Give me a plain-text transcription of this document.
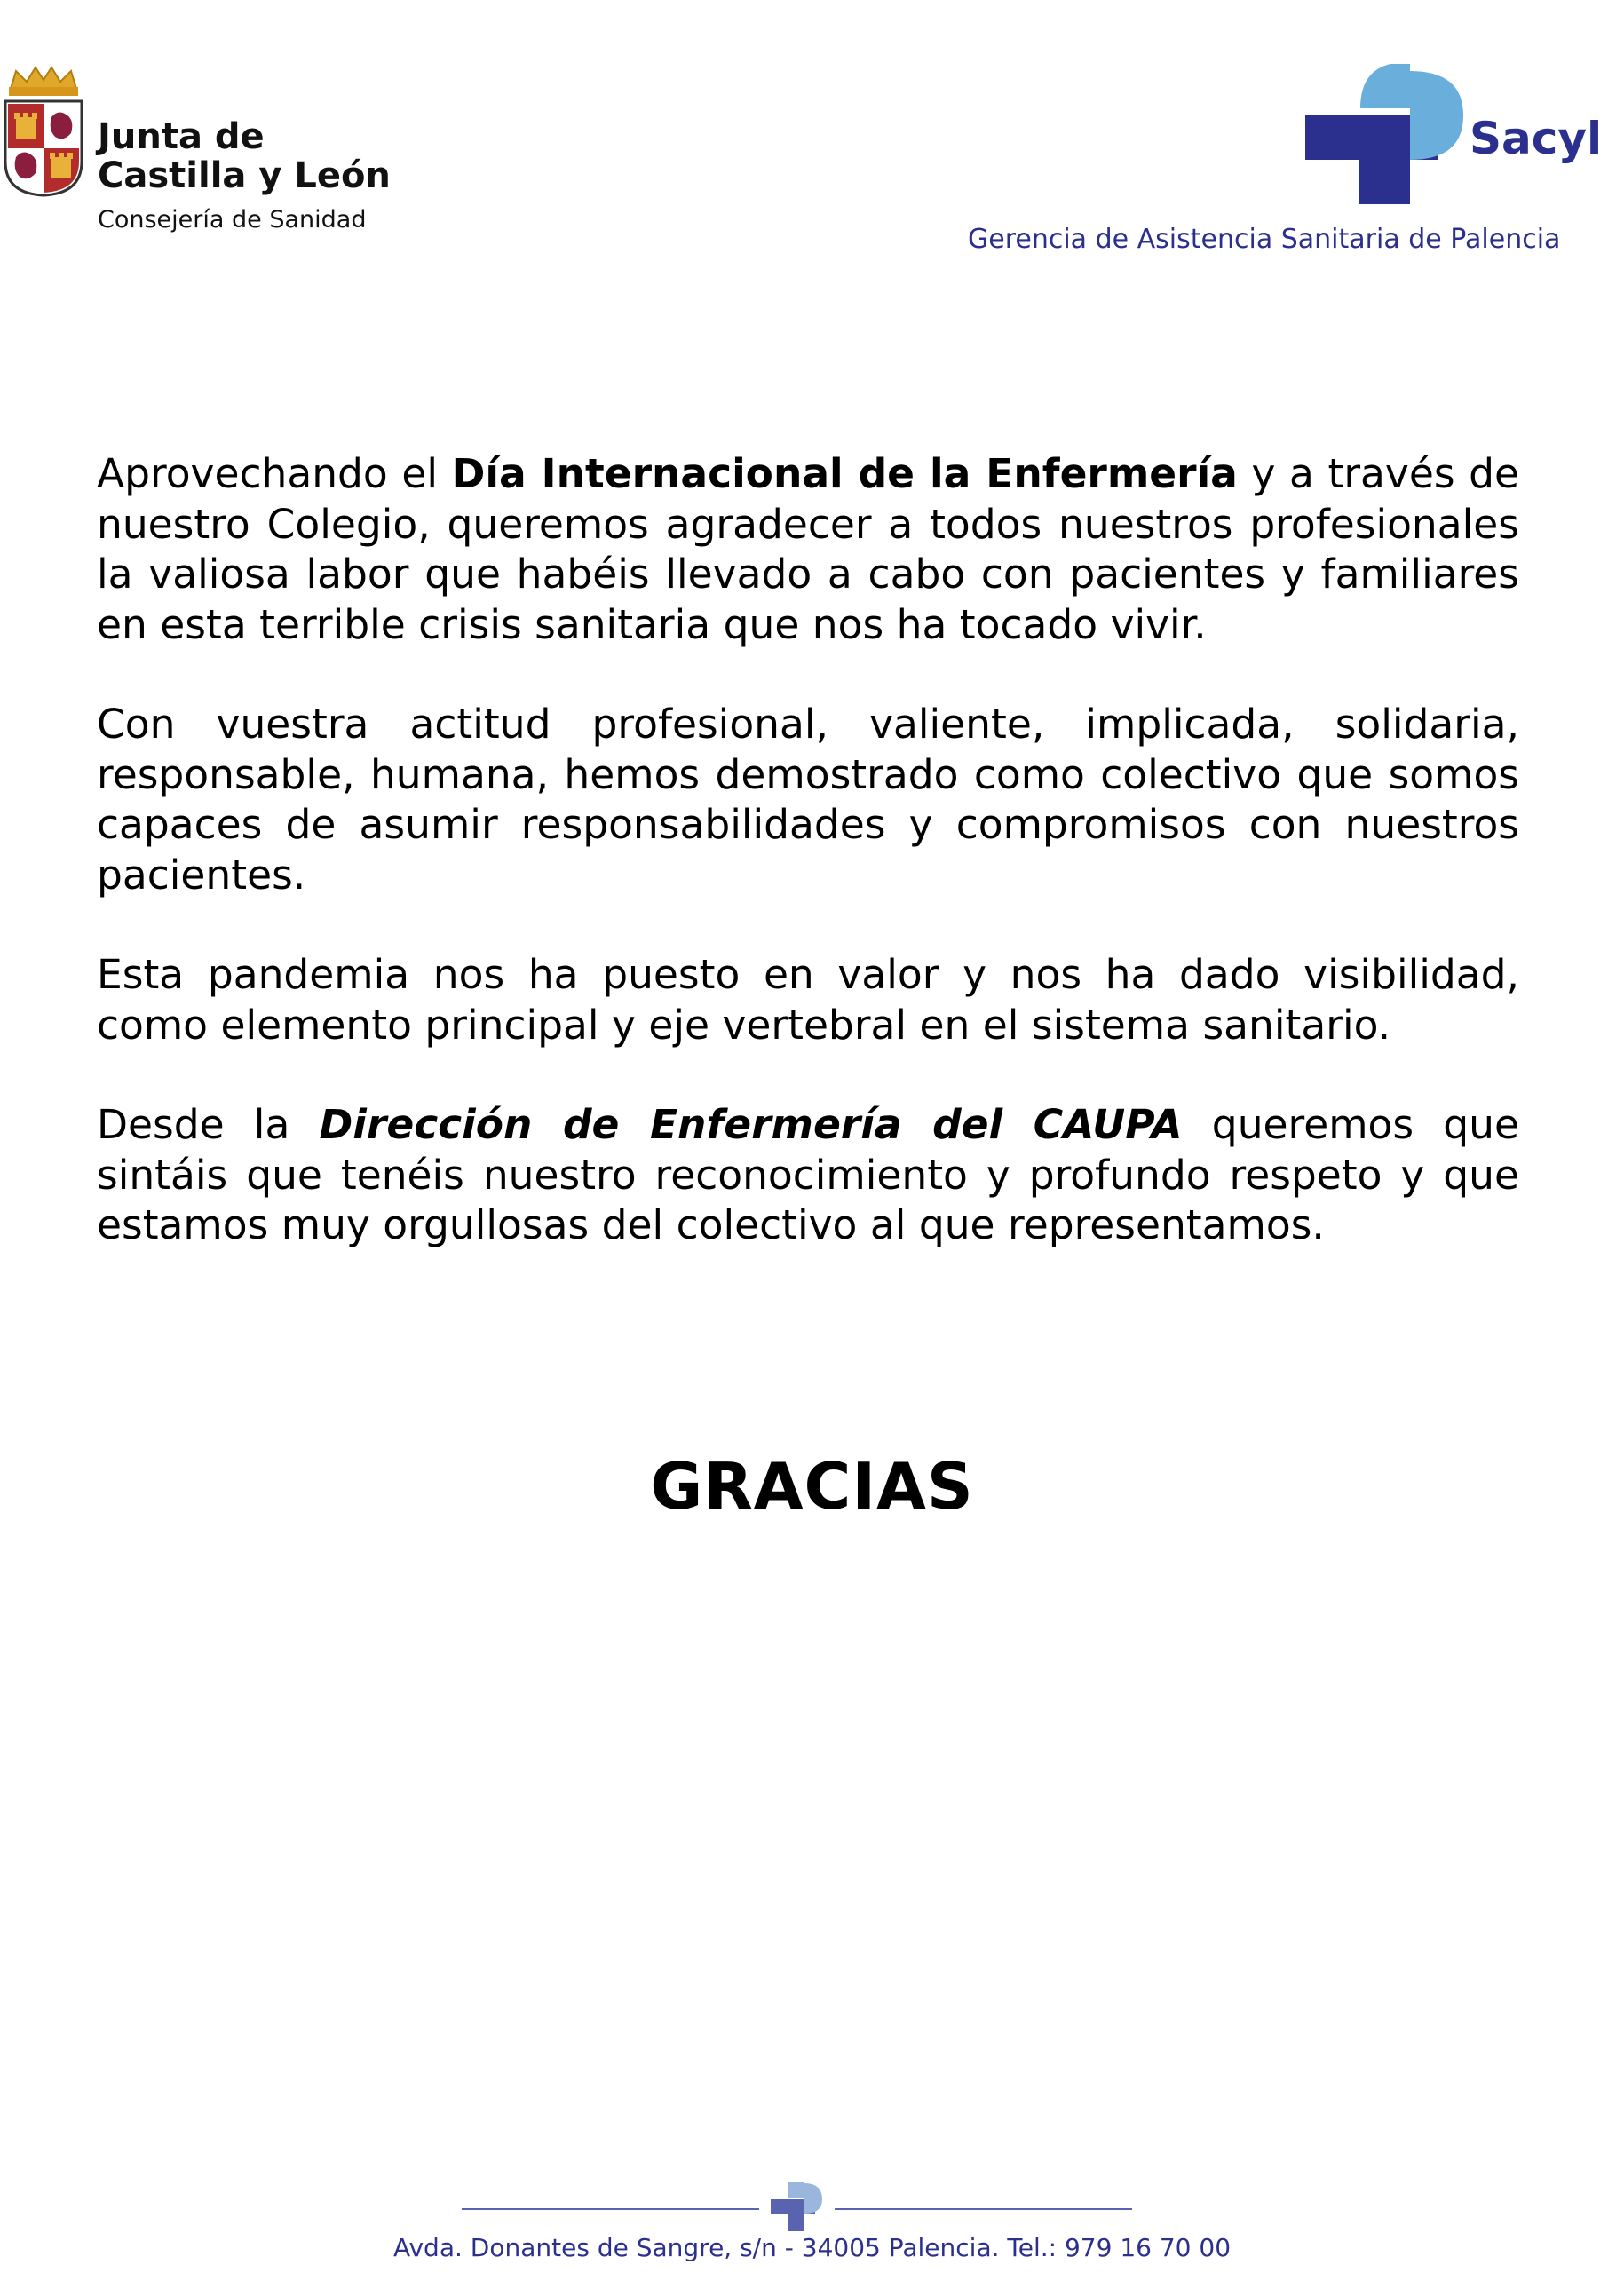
Junta de
Castilla y León
Consejería de Sanidad
Sacyl
Gerencia de Asistencia Sanitaria de Palencia

Aprovechando el Día Internacional de la Enfermería y a través de nuestro Colegio, queremos agradecer a todos nuestros profesionales la valiosa labor que habéis llevado a cabo con pacientes y familiares en esta terrible crisis sanitaria que nos ha tocado vivir.

Con vuestra actitud profesional, valiente, implicada, solidaria, responsable, humana, hemos demostrado como colectivo que somos capaces de asumir responsabilidades y compromisos con nuestros pacientes.

Esta pandemia nos ha puesto en valor y nos ha dado visibilidad, como elemento principal y eje vertebral en el sistema sanitario.

Desde la Dirección de Enfermería del CAUPA queremos que sintáis que tenéis nuestro reconocimiento y profundo respeto y que estamos muy orgullosas del colectivo al que representamos.

GRACIAS
Avda. Donantes de Sangre, s/n - 34005 Palencia. Tel.: 979 16 70 00
